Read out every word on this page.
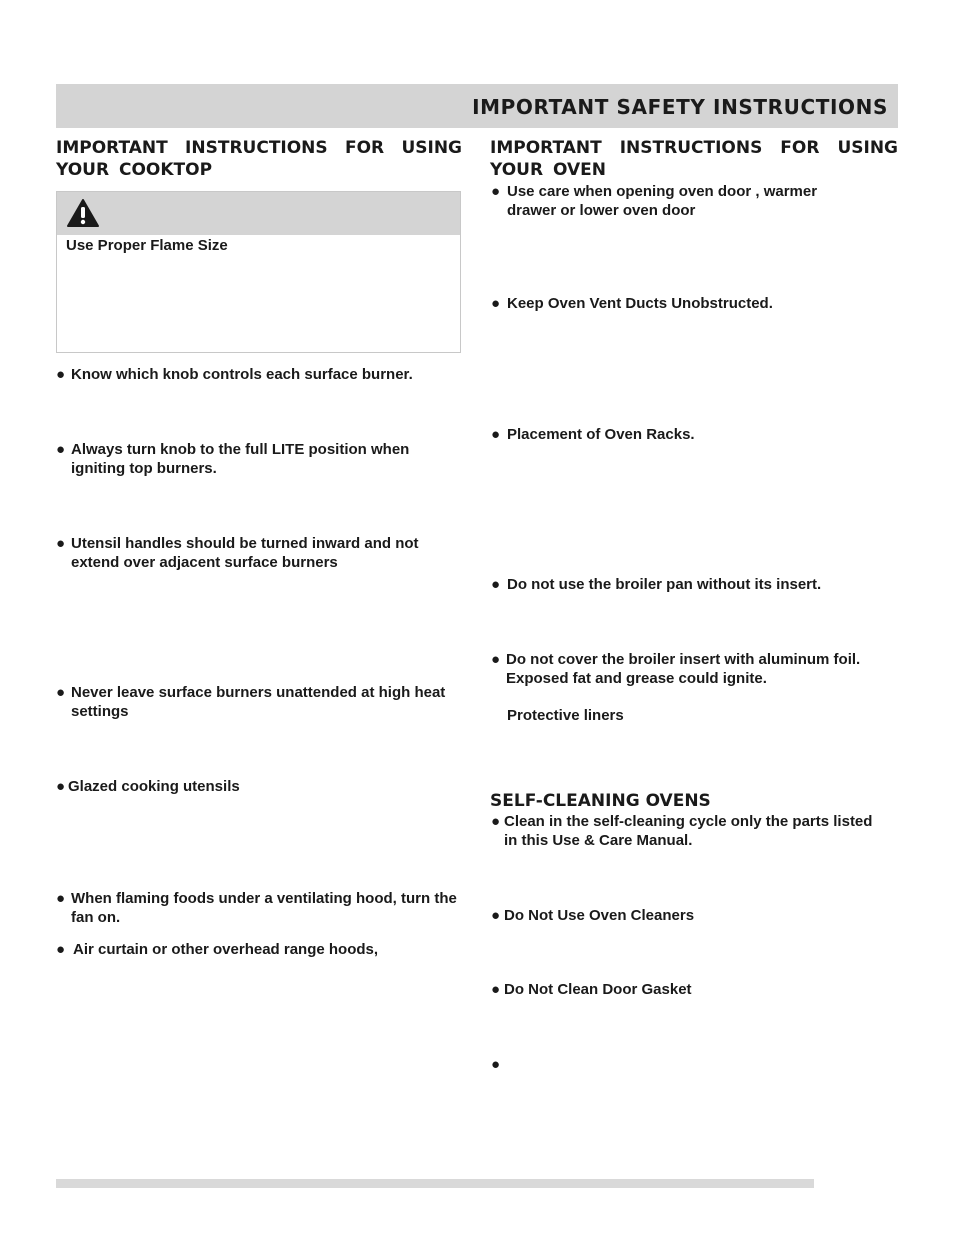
IMPORTANT SAFETY INSTRUCTIONS
IMPORTANT INSTRUCTIONS FOR USING YOUR COOKTOP
Use Proper Flame Size
● Know which knob controls each surface burner.
● Always turn knob to the full LITE position when igniting top burners.
● Utensil handles should be turned inward and not extend over adjacent surface burners
● Never leave surface burners unattended at high heat settings
● Glazed cooking utensils
● When flaming foods under a ventilating hood, turn the fan on.
● Air curtain or other overhead range hoods,
IMPORTANT INSTRUCTIONS FOR USING YOUR OVEN
● Use care when opening oven door , warmer drawer or lower oven door
● Keep Oven Vent Ducts Unobstructed.
● Placement of Oven Racks.
● Do not use the broiler pan without its insert.
● Do not cover the broiler insert with aluminum foil. Exposed fat and grease could ignite.
Protective liners
SELF-CLEANING OVENS
● Clean in the self-cleaning cycle only the parts listed in this Use & Care Manual.
● Do Not Use Oven Cleaners
● Do Not Clean Door Gasket
●
